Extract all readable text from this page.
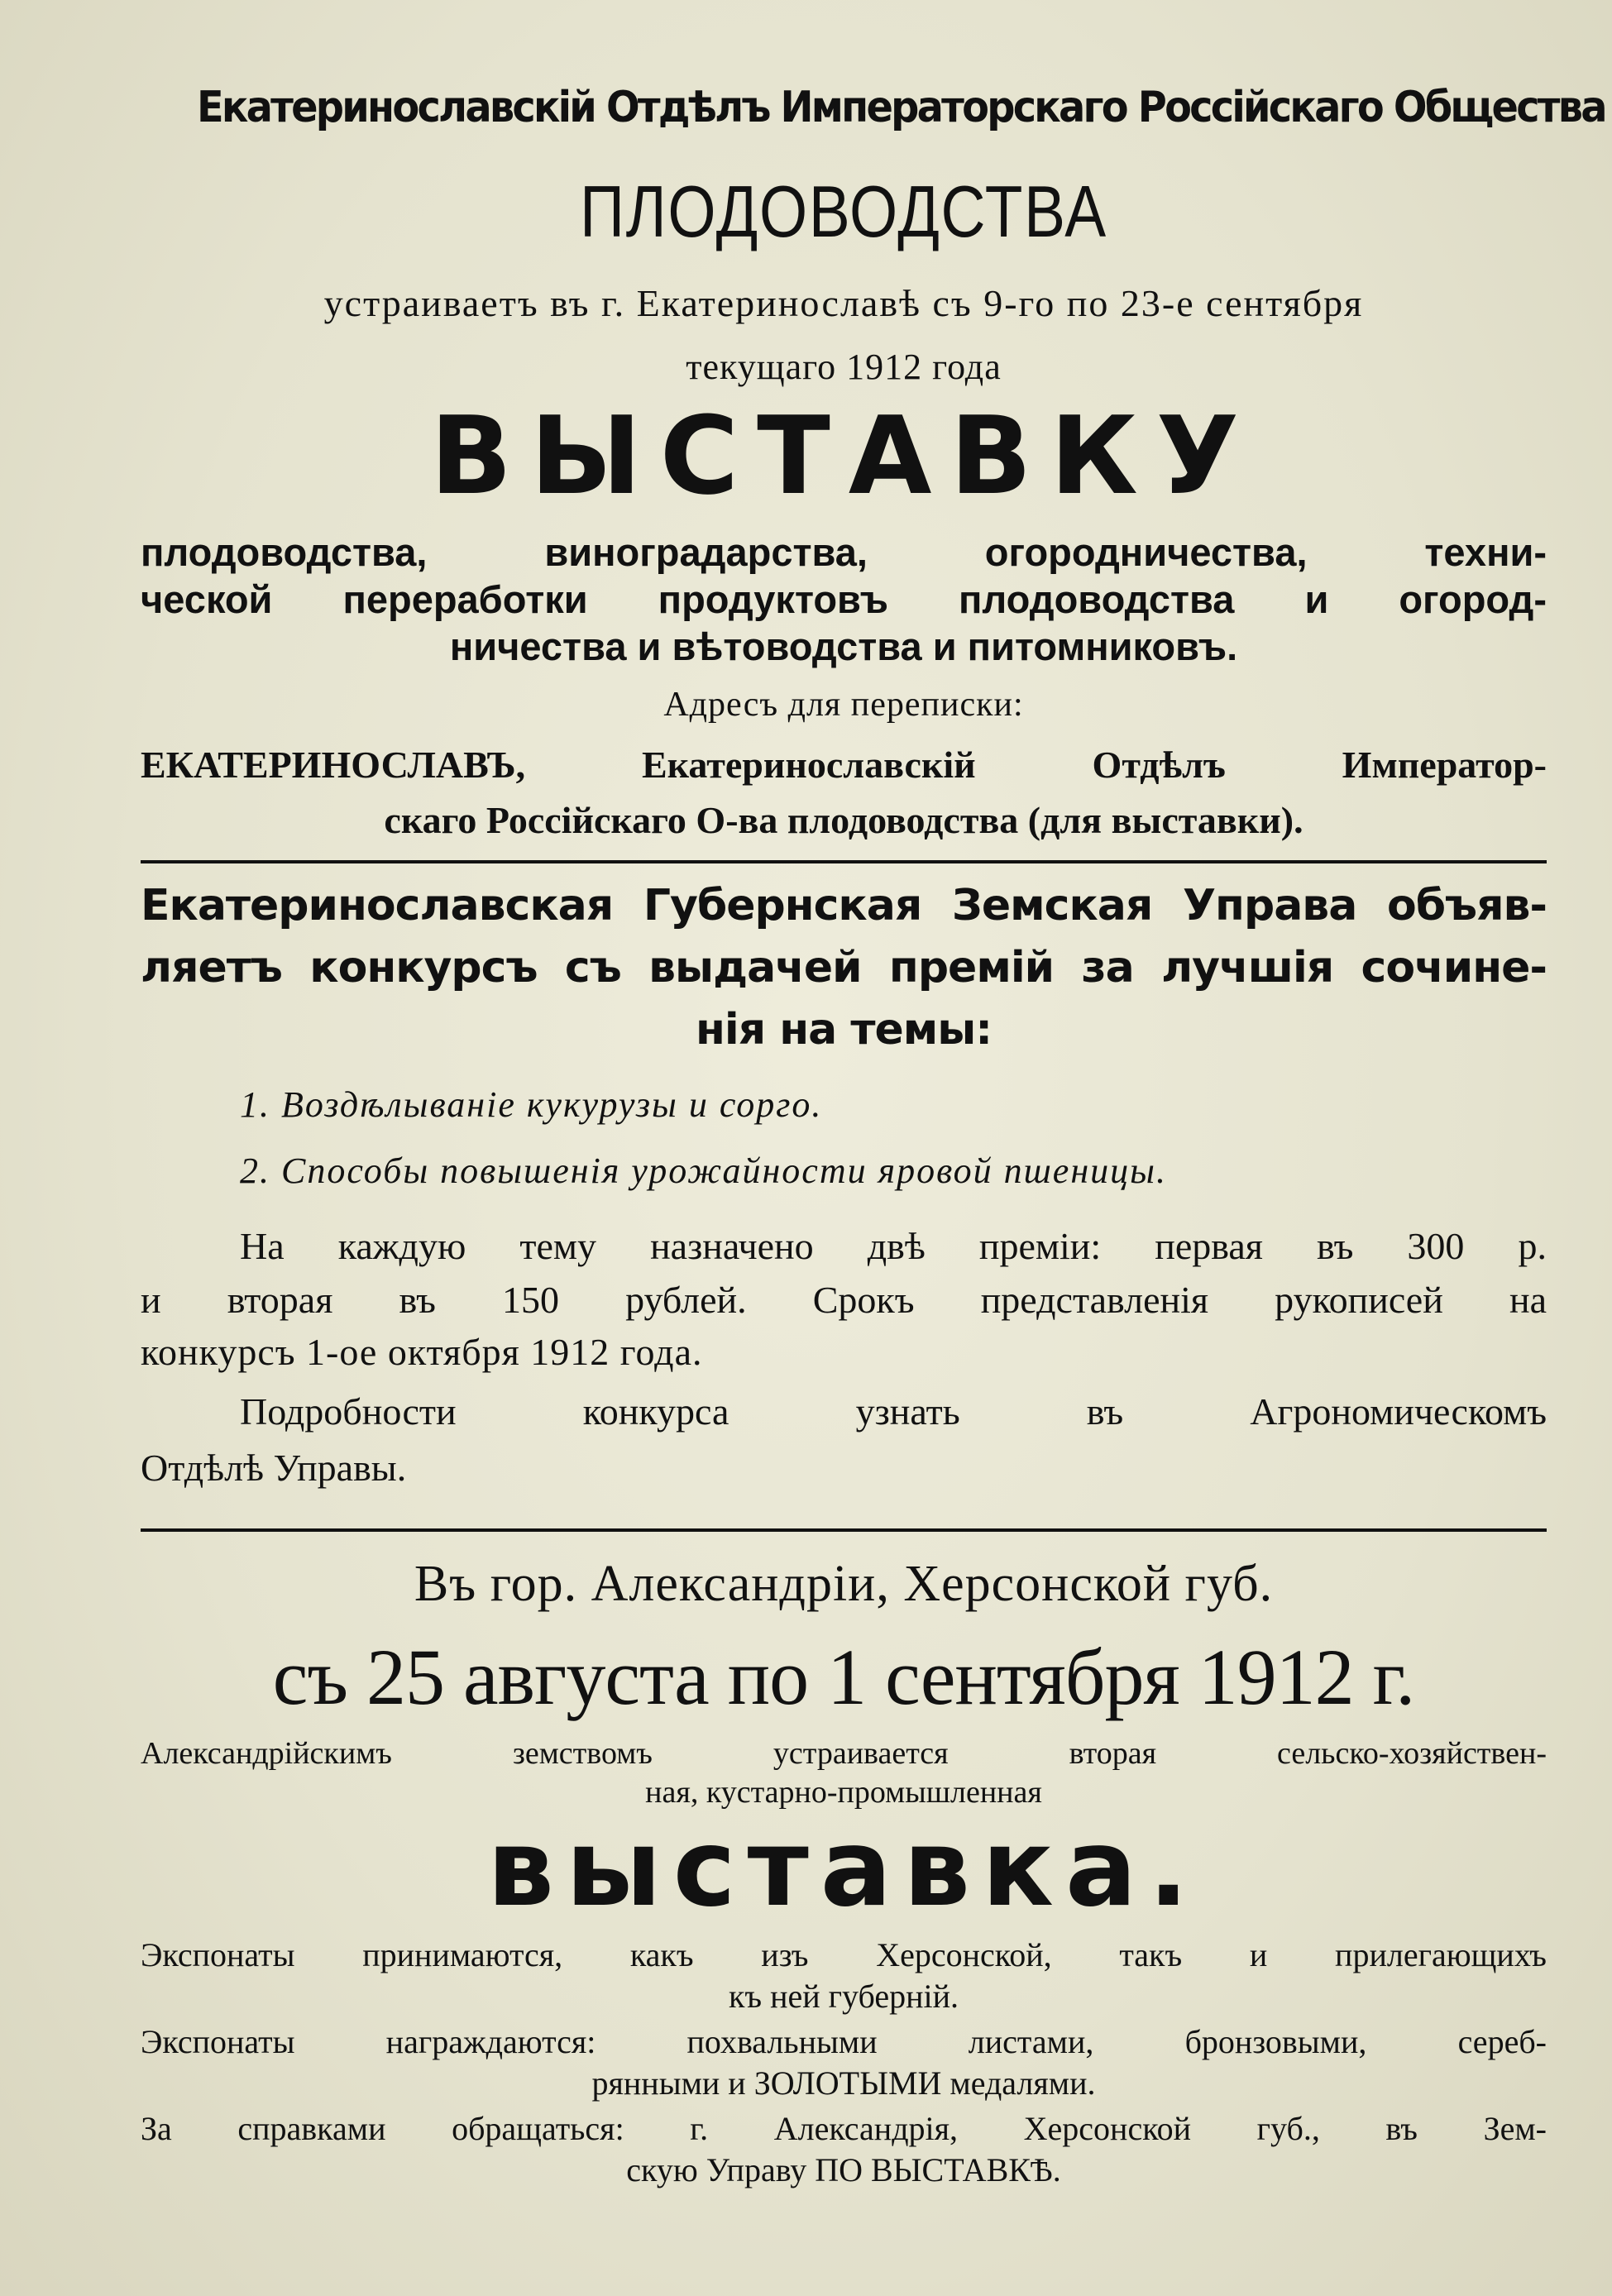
Екатеринославскій Отдѣлъ Императорскаго Россійскаго Общества
ПЛОДОВОДСТВА
устраиваетъ въ г. Екатеринославѣ съ 9-го по 23-е сентября
текущаго 1912 года
ВЫСТАВКУ
плодоводства, виноградарства, огородничества, техни-
ческой переработки продуктовъ плодоводства и огород-
ничества и вѣтоводства и питомниковъ.
Адресъ для переписки:
ЕКАТЕРИНОСЛАВЪ, Екатеринославскій Отдѣлъ Император-
скаго Россійскаго О-ва плодоводства (для выставки).
Екатеринославская Губернская Земская Управа объяв-
ляетъ конкурсъ съ выдачей премій за лучшія сочине-
нія на темы:
1. Воздѣлываніе кукурузы и сорго.
2. Способы повышенія урожайности яровой пшеницы.
На каждую тему назначено двѣ преміи: первая въ 300 р.
и вторая въ 150 рублей. Срокъ представленія рукописей на
конкурсъ 1-ое октября 1912 года.
Подробности конкурса узнать въ Агрономическомъ
Отдѣлѣ Управы.
Въ гор. Александріи, Херсонской губ.
съ 25 августа по 1 сентября 1912 г.
Александрійскимъ земствомъ устраивается вторая сельско-хозяйствен-
ная, кустарно-промышленная
выставка.
Экспонаты принимаются, какъ изъ Херсонской, такъ и прилегающихъ
къ ней губерній.
Экспонаты награждаются: похвальными листами, бронзовыми, сереб-
рянными и ЗОЛОТЫМИ медалями.
За справками обращаться: г. Александрія, Херсонской губ., въ Зем-
скую Управу ПО ВЫСТАВКѢ.
